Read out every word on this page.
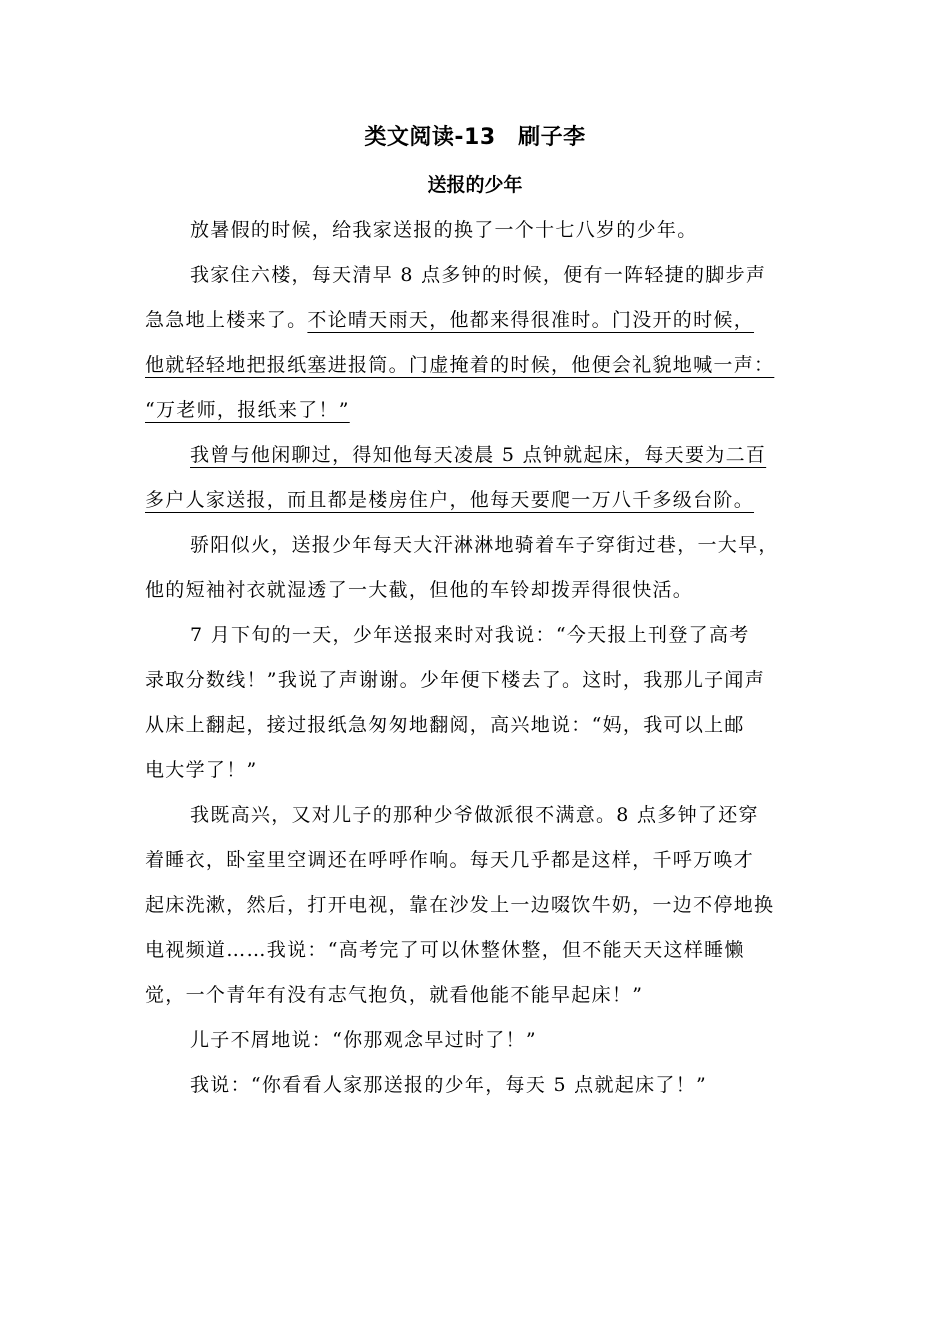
类文阅读-13　刷子李
送报的少年
放暑假的时候，给我家送报的换了一个十七八岁的少年。
我家住六楼，每天清早 8 点多钟的时候，便有一阵轻捷的脚步声
急急地上楼来了。不论晴天雨天，他都来得很准时。门没开的时候，
他就轻轻地把报纸塞进报筒。门虚掩着的时候，他便会礼貌地喊一声：
“万老师，报纸来了！”
我曾与他闲聊过，得知他每天凌晨 5 点钟就起床，每天要为二百
多户人家送报，而且都是楼房住户，他每天要爬一万八千多级台阶。
骄阳似火，送报少年每天大汗淋淋地骑着车子穿街过巷，一大早，
他的短袖衬衣就湿透了一大截，但他的车铃却拨弄得很快活。
7 月下旬的一天，少年送报来时对我说：“今天报上刊登了高考
录取分数线！”我说了声谢谢。少年便下楼去了。这时，我那儿子闻声
从床上翻起，接过报纸急匆匆地翻阅，高兴地说：“妈，我可以上邮
电大学了！”
我既高兴，又对儿子的那种少爷做派很不满意。8 点多钟了还穿
着睡衣，卧室里空调还在呼呼作响。每天几乎都是这样，千呼万唤才
起床洗漱，然后，打开电视，靠在沙发上一边啜饮牛奶，一边不停地换
电视频道……我说：“高考完了可以休整休整，但不能天天这样睡懒
觉，一个青年有没有志气抱负，就看他能不能早起床！”
儿子不屑地说：“你那观念早过时了！”
我说：“你看看人家那送报的少年，每天 5 点就起床了！”
